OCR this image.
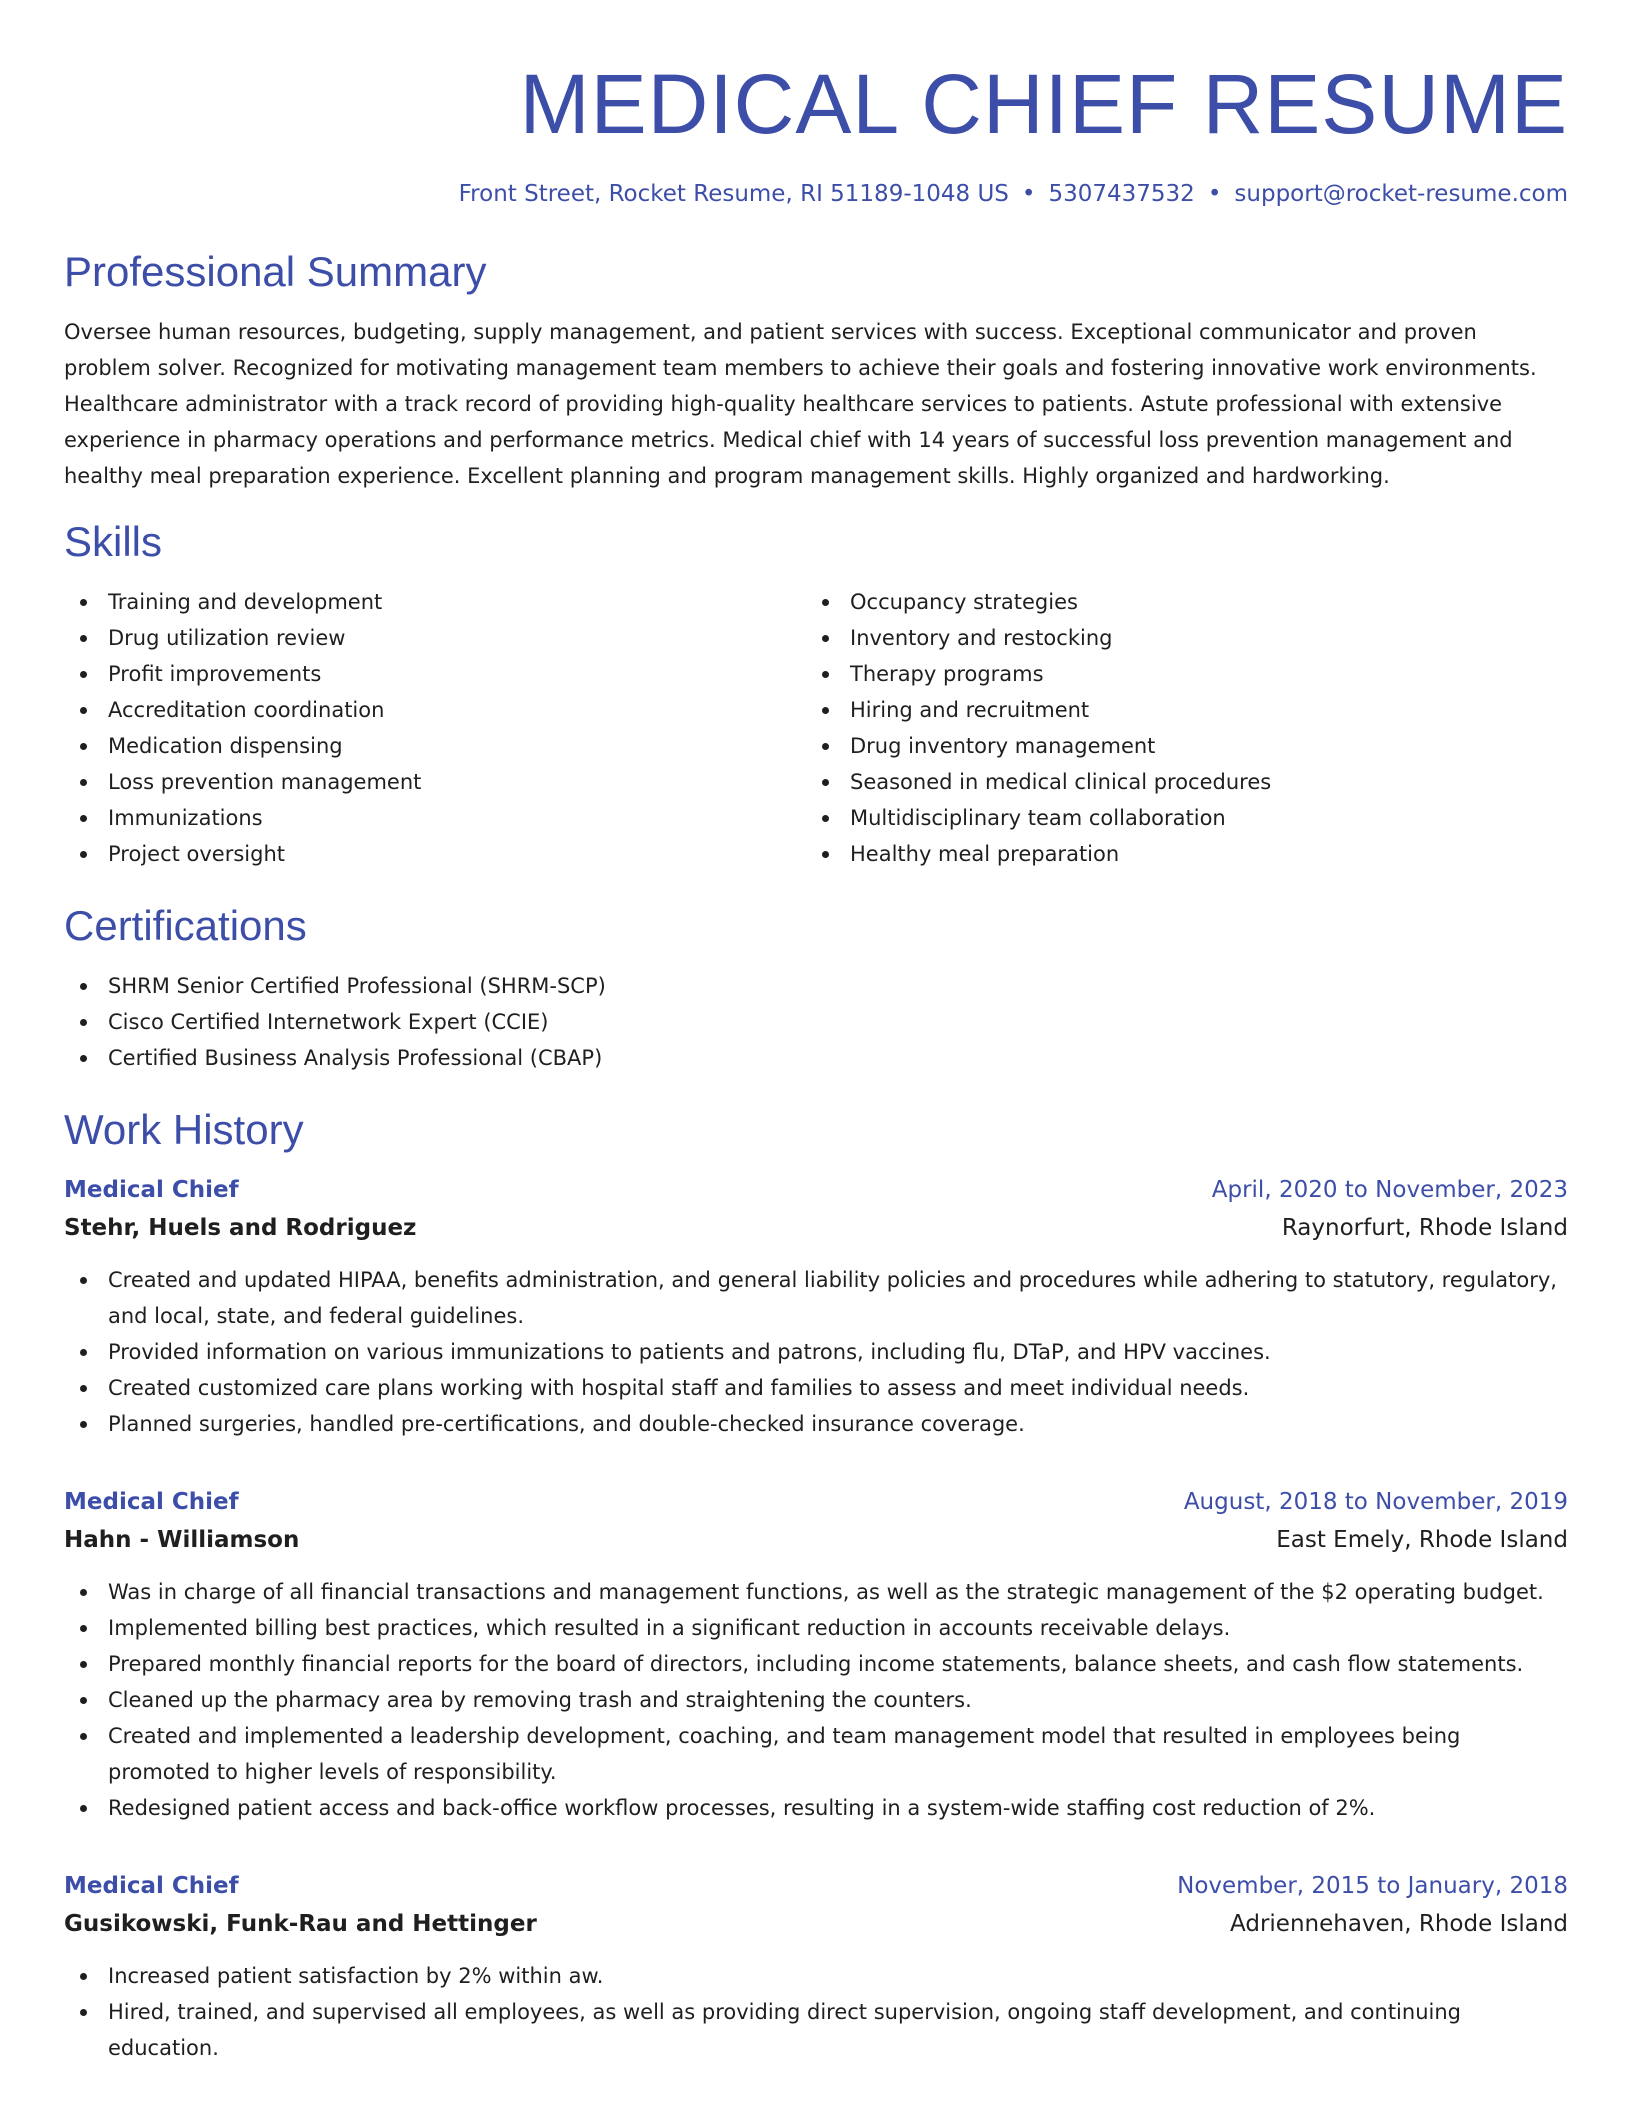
MEDICAL CHIEF RESUME
Front Street, Rocket Resume, RI 51189-1048 US • 5307437532 • support@rocket-resume.com
Professional Summary

Oversee human resources, budgeting, supply management, and patient services with success. Exceptional communicator and proven problem solver. Recognized for motivating management team members to achieve their goals and fostering innovative work environments. Healthcare administrator with a track record of providing high-quality healthcare services to patients. Astute professional with extensive experience in pharmacy operations and performance metrics. Medical chief with 14 years of successful loss prevention management and healthy meal preparation experience. Excellent planning and program management skills. Highly organized and hardworking.

Skills
Training and development
Drug utilization review
Profit improvements
Accreditation coordination
Medication dispensing
Loss prevention management
Immunizations
Project oversight
Occupancy strategies
Inventory and restocking
Therapy programs
Hiring and recruitment
Drug inventory management
Seasoned in medical clinical procedures
Multidisciplinary team collaboration
Healthy meal preparation
Certifications
SHRM Senior Certified Professional (SHRM-SCP)
Cisco Certified Internetwork Expert (CCIE)
Certified Business Analysis Professional (CBAP)
Work History
Medical Chief	April, 2020 to November, 2023
Stehr, Huels and Rodriguez	Raynorfurt, Rhode Island
Created and updated HIPAA, benefits administration, and general liability policies and procedures while adhering to statutory, regulatory, and local, state, and federal guidelines.
Provided information on various immunizations to patients and patrons, including flu, DTaP, and HPV vaccines.
Created customized care plans working with hospital staff and families to assess and meet individual needs.
Planned surgeries, handled pre-certifications, and double-checked insurance coverage.
Medical Chief	August, 2018 to November, 2019
Hahn - Williamson	East Emely, Rhode Island
Was in charge of all financial transactions and management functions, as well as the strategic management of the $2 operating budget.
Implemented billing best practices, which resulted in a significant reduction in accounts receivable delays.
Prepared monthly financial reports for the board of directors, including income statements, balance sheets, and cash flow statements.
Cleaned up the pharmacy area by removing trash and straightening the counters.
Created and implemented a leadership development, coaching, and team management model that resulted in employees being promoted to higher levels of responsibility.
Redesigned patient access and back-office workflow processes, resulting in a system-wide staffing cost reduction of 2%.
Medical Chief	November, 2015 to January, 2018
Gusikowski, Funk-Rau and Hettinger	Adriennehaven, Rhode Island
Increased patient satisfaction by 2% within aw.
Hired, trained, and supervised all employees, as well as providing direct supervision, ongoing staff development, and continuing education.
